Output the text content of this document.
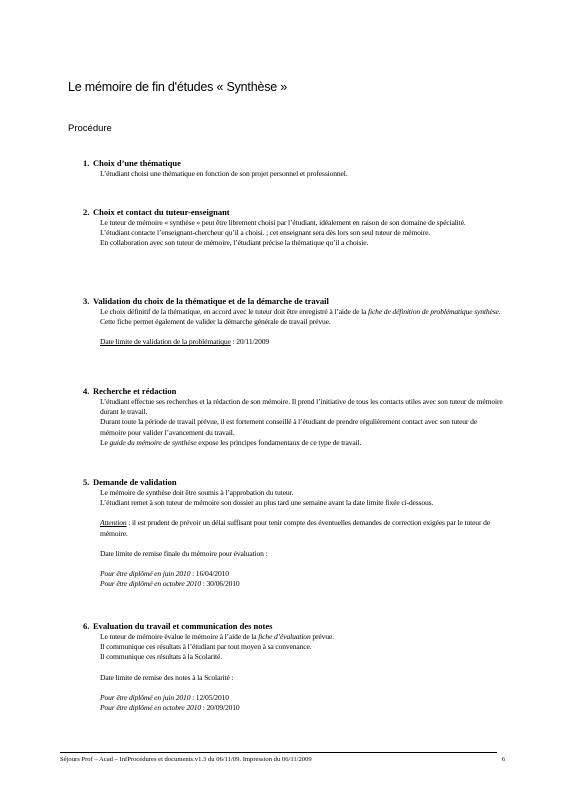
Le mémoire de fin d'études « Synthèse »
Procédure
1. Choix d’une thématique

L’étudiant choisi une thématique en fonction de son projet personnel et professionnel.

2. Choix et contact du tuteur-enseignant

Le tuteur de mémoire « synthèse » peut être librement choisi par l’étudiant, idéalement en raison de son domaine de spécialité.

L’étudiant contacte l’enseignant-chercheur qu’il a choisi. ; cet enseignant sera dès lors son seul tuteur de mémoire.

En collaboration avec son tuteur de mémoire, l’étudiant précise la thématique qu’il a choisie.

3. Validation du choix de la thématique et de la démarche de travail

Le choix définitif de la thématique, en accord avec le tuteur doit être enregistré à l’aide de la fiche de définition de problématique synthèse.

Cette fiche permet également de valider la démarche générale de travail prévue.

Date limite de validation de la problématique : 20/11/2009

4. Recherche et rédaction

L’étudiant effectue ses recherches et la rédaction de son mémoire. Il prend l’initiative de tous les contacts utiles avec son tuteur de mémoire durant le travail.

Durant toute la période de travail prévue, il est fortement conseillé à l’étudiant de prendre régulièrement contact avec son tuteur de mémoire pour valider l’avancement du travail.

Le guide du mémoire de synthèse expose les principes fondamentaux de ce type de travail.

5. Demande de validation

Le mémoire de synthèse doit être soumis à l’approbation du tuteur.

L’étudiant remet à son tuteur de mémoire son dossier au plus tard une semaine avant la date limite fixée ci-dessous.

Attention : il est prudent de prévoir un délai suffisant pour tenir compte des éventuelles demandes de correction exigées par le tuteur de mémoire.

Date limite de remise finale du mémoire pour évaluation :

Pour être diplômé en juin 2010 : 16/04/2010

Pour être diplômé en octobre 2010 : 30/06/2010

6. Evaluation du travail et communication des notes

Le tuteur de mémoire évalue le mémoire à l’aide de la fiche d’évaluation prévue.

Il communique ces résultats à l’étudiant par tout moyen à sa convenance.

Il communique ces résultats à la Scolarité.

Date limite de remise des notes à la Scolarité :

Pour être diplômé en juin 2010 : 12/05/2010

Pour être diplômé en octobre 2010 : 20/09/2010

Séjours Prof – Acad – InfProcédures et documents.v1.3 du 06/11/09. Impression du 06/11/2009	6
